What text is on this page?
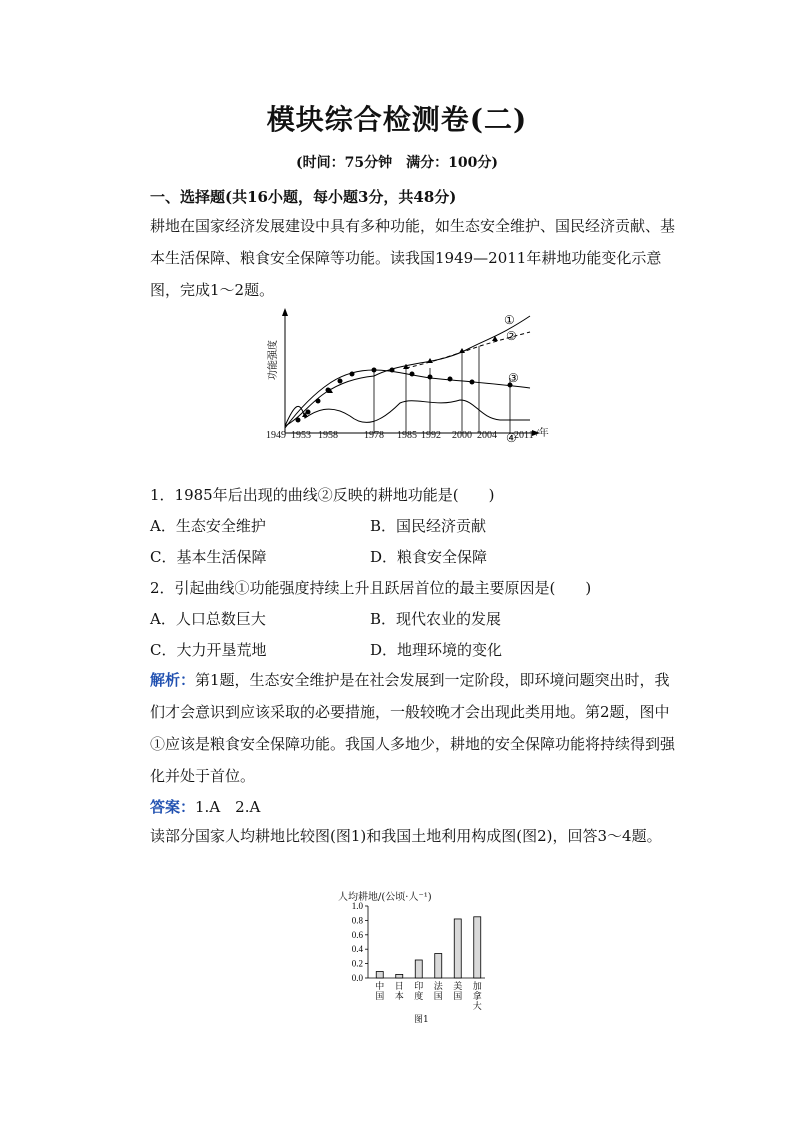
模块综合检测卷(二)
(时间：75分钟　满分：100分)
一、选择题(共16小题，每小题3分，共48分)
耕地在国家经济发展建设中具有多种功能，如生态安全维护、国民经济贡献、基本生活保障、粮食安全保障等功能。读我国1949—2011年耕地功能变化示意图，完成1～2题。
①
②
③
④
功能强度
1949 1953 1958	1978 1985 1992 2000 2004 2011 /年
1．1985年后出现的曲线②反映的耕地功能是(　　)
A．生态安全维护	B．国民经济贡献
C．基本生活保障	D．粮食安全保障
2．引起曲线①功能强度持续上升且跃居首位的最主要原因是(　　)
A．人口总数巨大	B．现代农业的发展
C．大力开垦荒地	D．地理环境的变化
解析：第1题，生态安全维护是在社会发展到一定阶段，即环境问题突出时，我们才会意识到应该采取的必要措施，一般较晚才会出现此类用地。第2题，图中①应该是粮食安全保障功能。我国人多地少，耕地的安全保障功能将持续得到强化并处于首位。
答案：1.A　2.A
读部分国家人均耕地比较图(图1)和我国土地利用构成图(图2)，回答3～4题。
人均耕地/(公顷·人⁻¹)
0.0
0.2
0.4
0.6
0.8
1.0
中
国
日
本
印
度
法
国
美
国
加
拿
大
图1
